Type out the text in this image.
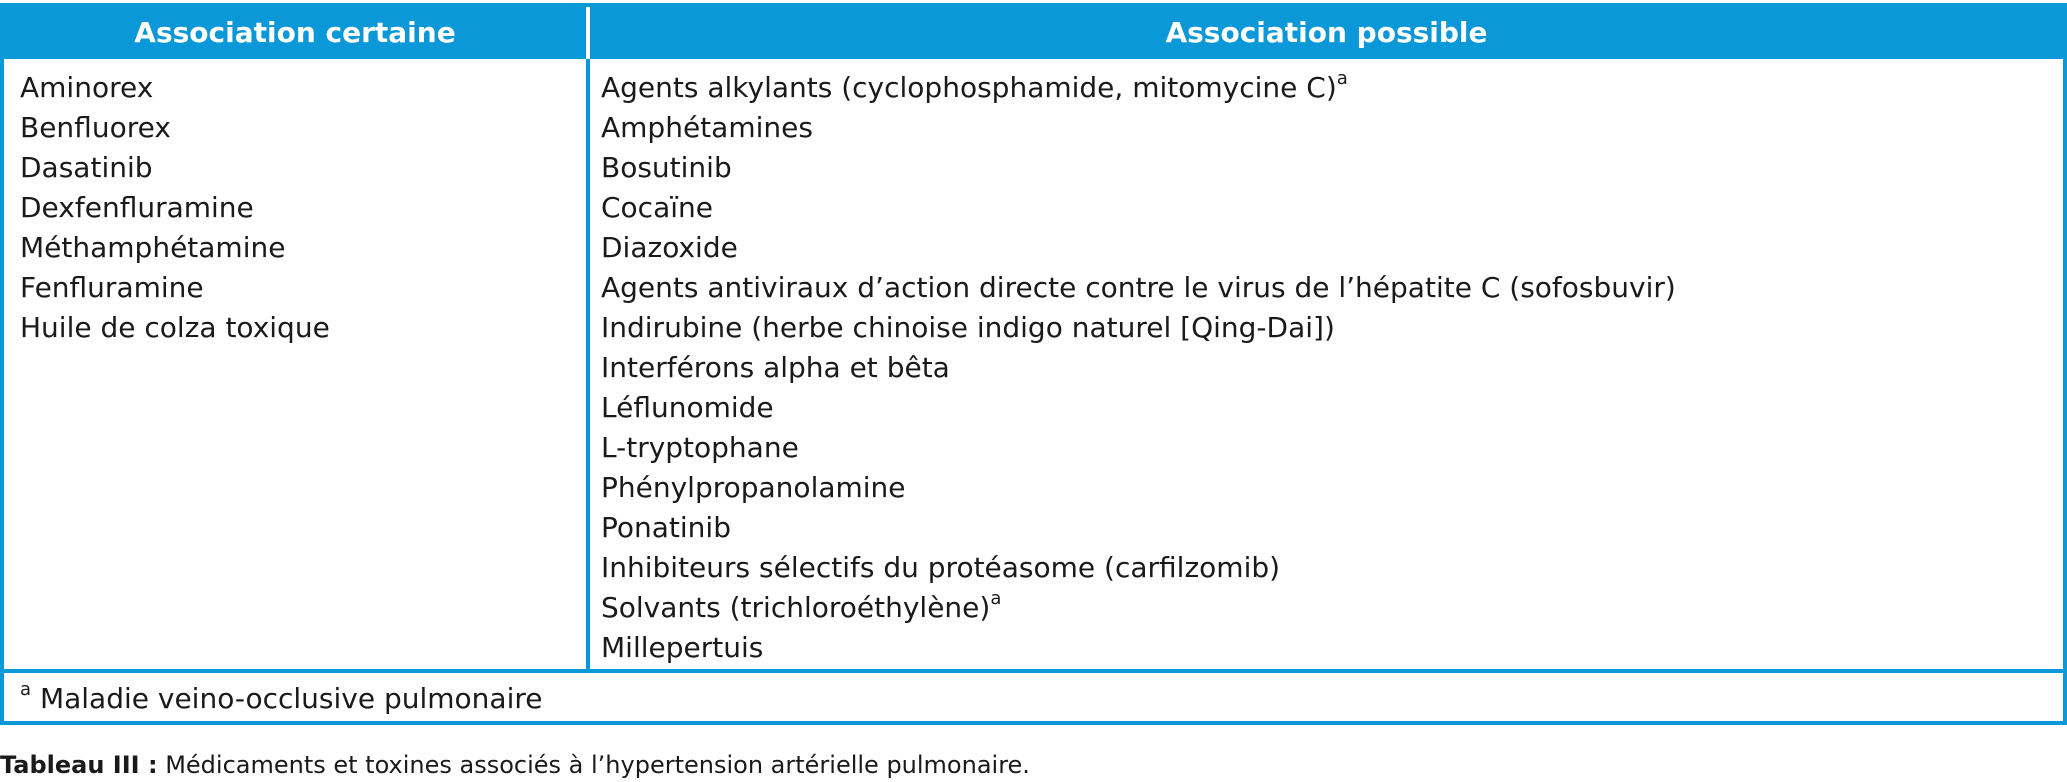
Association certaine	Association possible
Aminorex
Benfluorex
Dasatinib
Dexfenfluramine
Méthamphétamine
Fenfluramine
Huile de colza toxique
Agents alkylants (cyclophosphamide, mitomycine C)$^a$
Amphétamines
Bosutinib
Cocaïne
Diazoxide
Agents antiviraux d’action directe contre le virus de l’hépatite C (sofosbuvir)
Indirubine (herbe chinoise indigo naturel [Qing-Dai])
Interférons alpha et bêta
Léflunomide
L-tryptophane
Phénylpropanolamine
Ponatinib
Inhibiteurs sélectifs du protéasome (carfilzomib)
Solvants (trichloroéthylène)$^a$
Millepertuis
$^a$ Maladie veino-occlusive pulmonaire
Tableau III : Médicaments et toxines associés à l’hypertension artérielle pulmonaire.
